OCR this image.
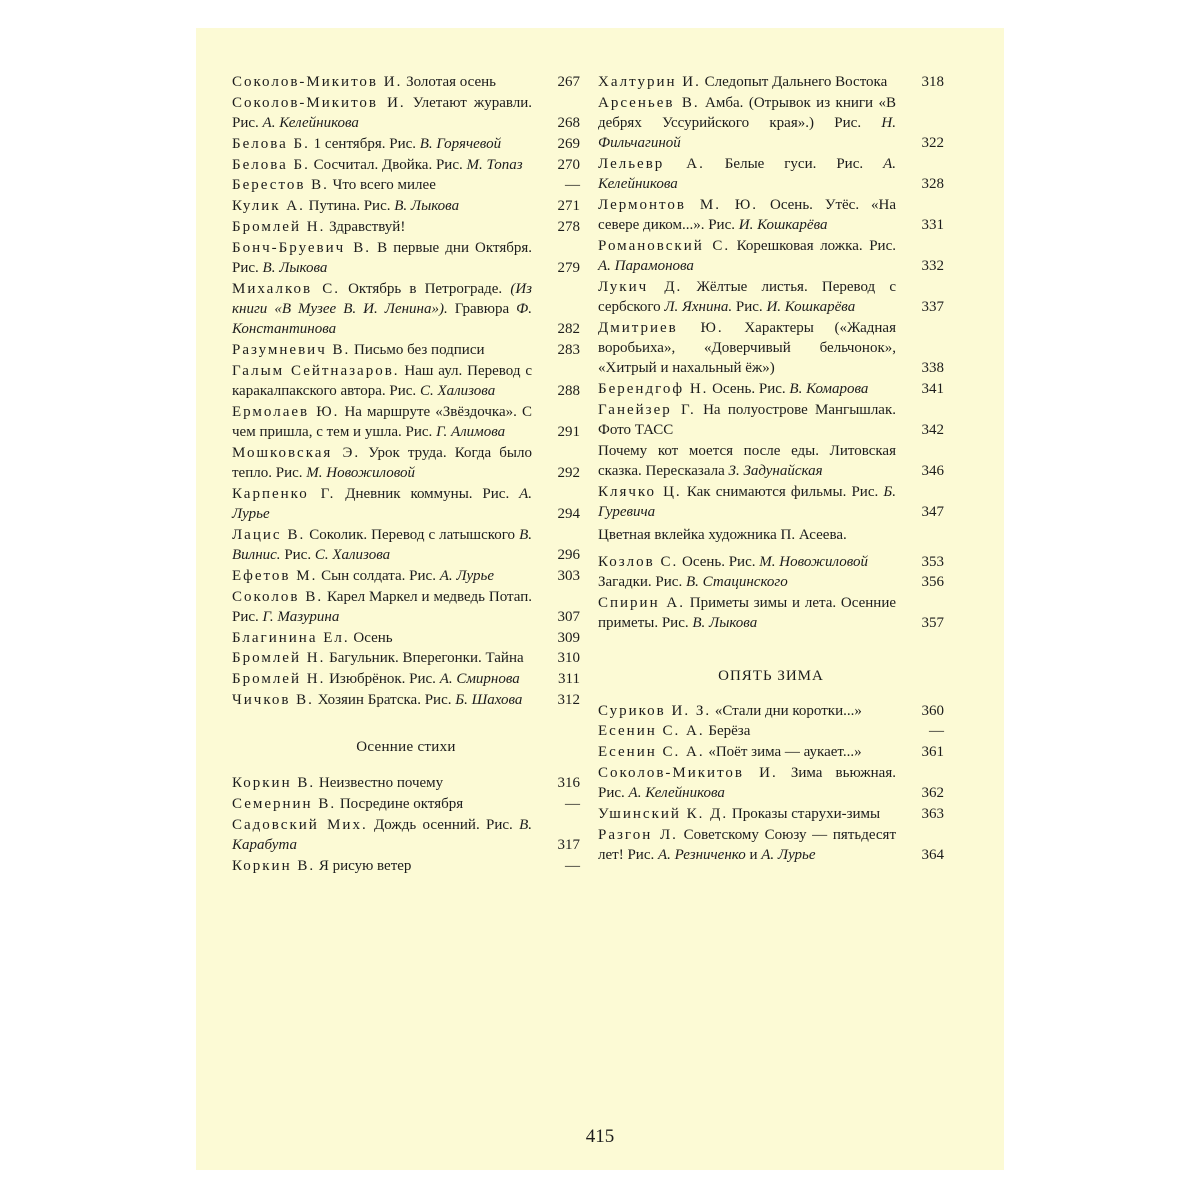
Соколов-Микитов И. Золотая осень	267
Соколов-Микитов И. Улетают журавли. Рис. А. Келейникова	268
Белова Б. 1 сентября. Рис. В. Горячевой	269
Белова Б. Сосчитал. Двойка. Рис. М. Топаз	270
Берестов В. Что всего милее	—
Кулик А. Путина. Рис. В. Лыкова	271
Бромлей Н. Здравствуй!	278
Бонч-Бруевич В. В первые дни Октября. Рис. В. Лыкова	279
Михалков С. Октябрь в Петрограде. (Из книги «В Музее В. И. Ленина»). Гравюра Ф. Константинова	282
Разумневич В. Письмо без подписи	283
Галым Сейтназаров. Наш аул. Перевод с каракалпакского автора. Рис. С. Хализова	288
Ермолаев Ю. На маршруте «Звёздочка». С чем пришла, с тем и ушла. Рис. Г. Алимова	291
Мошковская Э. Урок труда. Когда было тепло. Рис. М. Новожиловой	292
Карпенко Г. Дневник коммуны. Рис. А. Лурье	294
Лацис В. Соколик. Перевод с латышского В. Вилнис. Рис. С. Хализова	296
Ефетов М. Сын солдата. Рис. А. Лурье	303
Соколов В. Карел Маркел и медведь Потап. Рис. Г. Мазурина	307
Благинина Ел. Осень	309
Бромлей Н. Багульник. Вперегонки. Тайна	310
Бромлей Н. Изюбрёнок. Рис. А. Смирнова	311
Чичков В. Хозяин Братска. Рис. Б. Шахова	312
Осенние стихи
Коркин В. Неизвестно почему	316
Семернин В. Посредине октября	—
Садовский Мих. Дождь осенний. Рис. В. Карабута	317
Коркин В. Я рисую ветер	—
Халтурин И. Следопыт Дальнего Востока	318
Арсеньев В. Амба. (Отрывок из книги «В дебрях Уссурийского края».) Рис. Н. Фильчагиной	322
Лельевр А. Белые гуси. Рис. А. Келейникова	328
Лермонтов М. Ю. Осень. Утёс. «На севере диком...». Рис. И. Кошкарёва	331
Романовский С. Корешковая ложка. Рис. А. Парамонова	332
Лукич Д. Жёлтые листья. Перевод с сербского Л. Яхнина. Рис. И. Кошкарёва	337
Дмитриев Ю. Характеры («Жадная воробьиха», «Доверчивый бельчонок», «Хитрый и нахальный ёж»)	338
Берендгоф Н. Осень. Рис. В. Комарова	341
Ганейзер Г. На полуострове Мангышлак. Фото ТАСС	342
Почему кот моется после еды. Литовская сказка. Пересказала З. Задунайская	346
Клячко Ц. Как снимаются фильмы. Рис. Б. Гуревича	347
Цветная вклейка художника П. Асеева.
Козлов С. Осень. Рис. М. Новожиловой	353
Загадки. Рис. В. Стацинского	356
Спирин А. Приметы зимы и лета. Осенние приметы. Рис. В. Лыкова	357
ОПЯТЬ ЗИМА
Суриков И. З. «Стали дни коротки...»	360
Есенин С. А. Берёза	—
Есенин С. А. «Поёт зима — аукает...»	361
Соколов-Микитов И. Зима вьюжная. Рис. А. Келейникова	362
Ушинский К. Д. Проказы старухи-зимы	363
Разгон Л. Советскому Союзу — пятьдесят лет! Рис. А. Резниченко и А. Лурье	364
415
